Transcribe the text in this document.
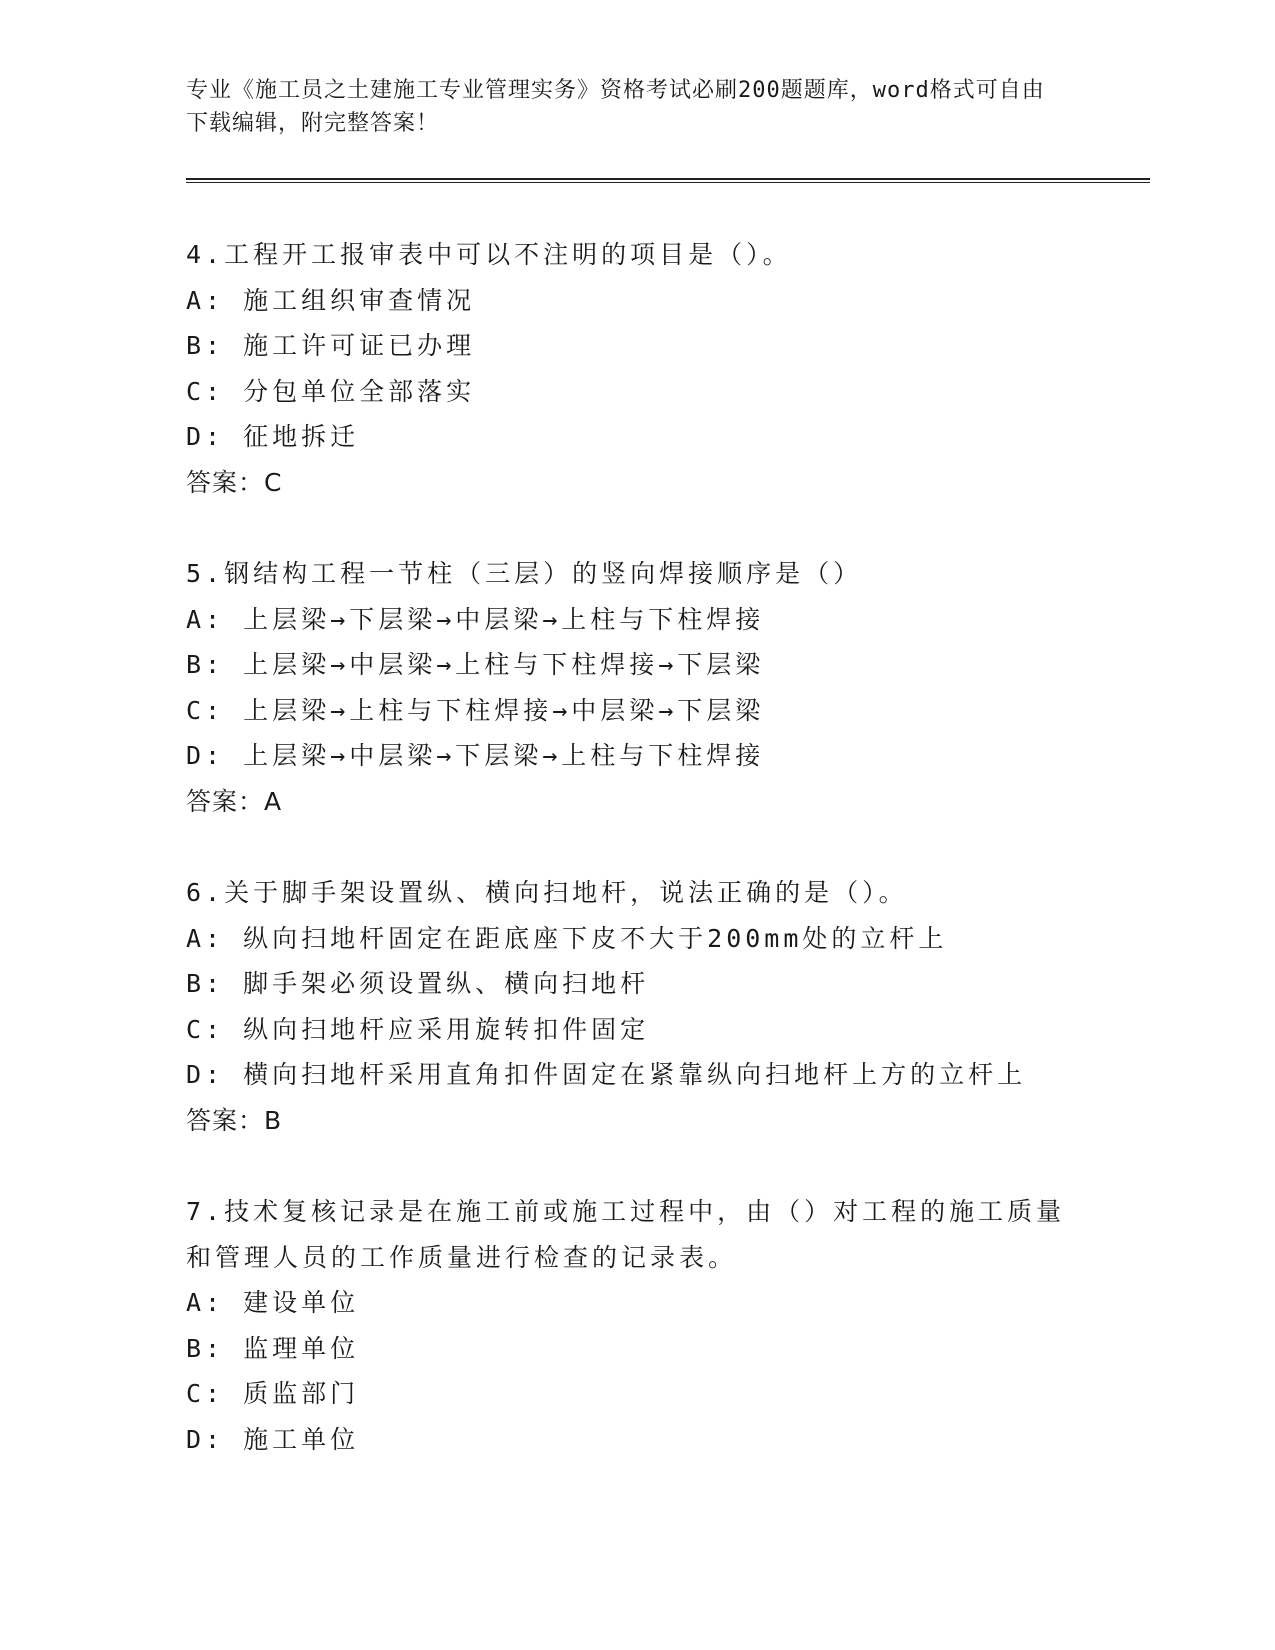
专业《施工员之土建施工专业管理实务》资格考试必刷200题题库，word格式可自由下载编辑，附完整答案！
4.工程开工报审表中可以不注明的项目是（）。
A: 施工组织审查情况
B: 施工许可证已办理
C: 分包单位全部落实
D: 征地拆迁
答案：C
5.钢结构工程一节柱（三层）的竖向焊接顺序是（）
A: 上层梁→下层梁→中层梁→上柱与下柱焊接
B: 上层梁→中层梁→上柱与下柱焊接→下层梁
C: 上层梁→上柱与下柱焊接→中层梁→下层梁
D: 上层梁→中层梁→下层梁→上柱与下柱焊接
答案：A
6.关于脚手架设置纵、横向扫地杆，说法正确的是（）。
A: 纵向扫地杆固定在距底座下皮不大于200mm处的立杆上
B: 脚手架必须设置纵、横向扫地杆
C: 纵向扫地杆应采用旋转扣件固定
D: 横向扫地杆采用直角扣件固定在紧靠纵向扫地杆上方的立杆上
答案：B
7.技术复核记录是在施工前或施工过程中，由（）对工程的施工质量和管理人员的工作质量进行检查的记录表。
A: 建设单位
B: 监理单位
C: 质监部门
D: 施工单位
